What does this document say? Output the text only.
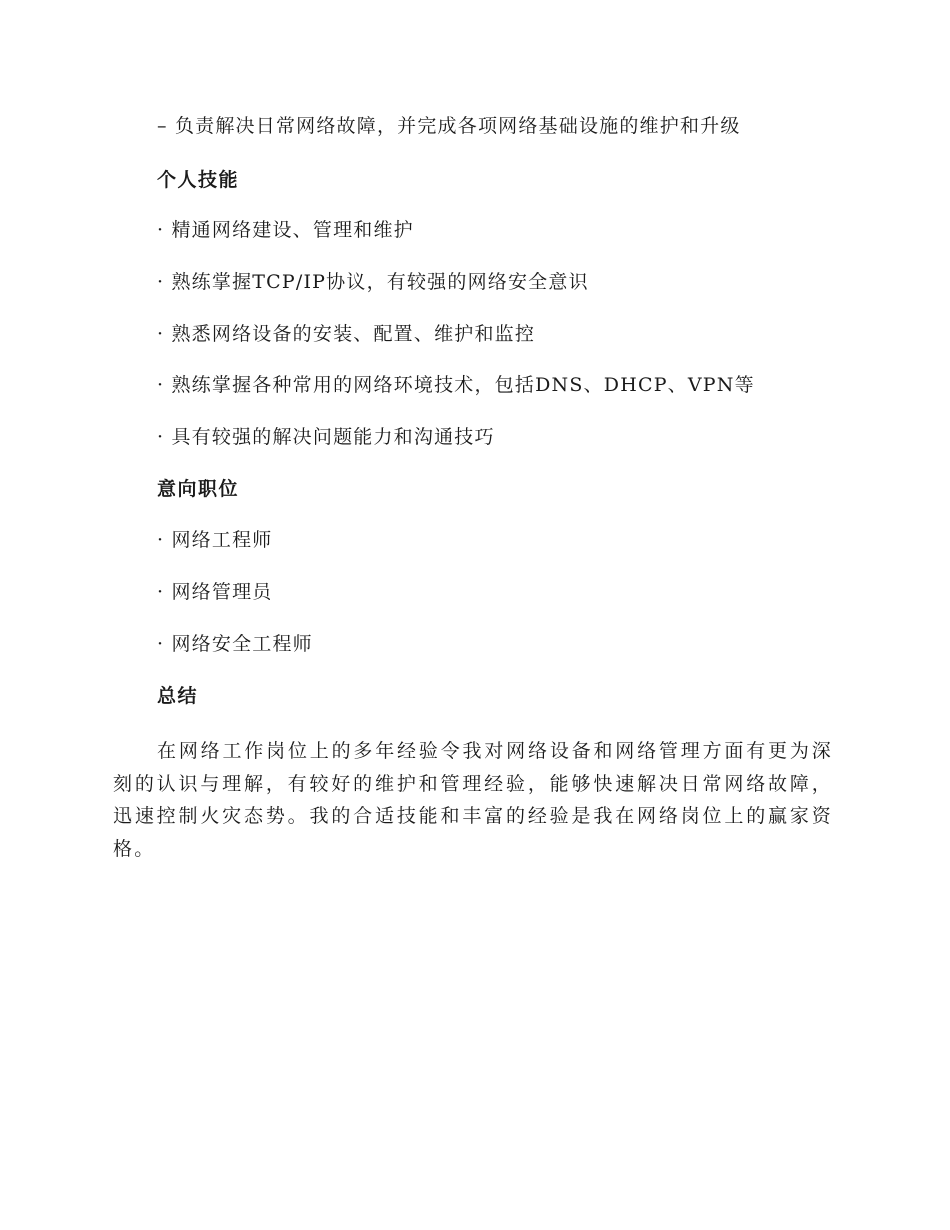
– 负责解决日常网络故障，并完成各项网络基础设施的维护和升级
个人技能
· 精通网络建设、管理和维护
· 熟练掌握TCP/IP协议，有较强的网络安全意识
· 熟悉网络设备的安装、配置、维护和监控
· 熟练掌握各种常用的网络环境技术，包括DNS、DHCP、VPN等
· 具有较强的解决问题能力和沟通技巧
意向职位
· 网络工程师
· 网络管理员
· 网络安全工程师
总结
在网络工作岗位上的多年经验令我对网络设备和网络管理方面有更为深刻的认识与理解，有较好的维护和管理经验，能够快速解决日常网络故障，迅速控制火灾态势。我的合适技能和丰富的经验是我在网络岗位上的赢家资格。
